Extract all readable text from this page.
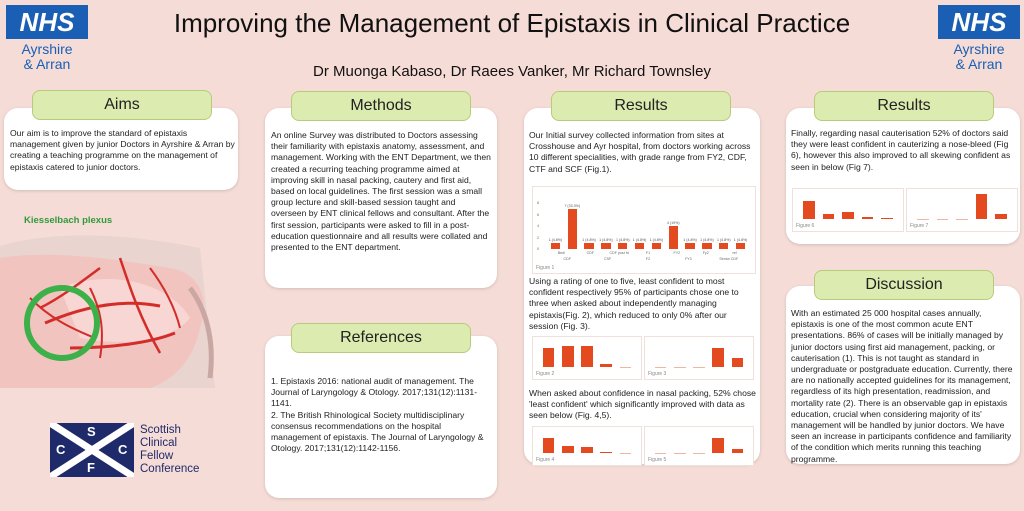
Improving the Management of Epistaxis in Clinical Practice
Dr Muonga Kabaso, Dr Raees Vanker, Mr Richard Townsley
NHS
Ayrshire
& Arran
NHS
Ayrshire
& Arran
Our aim is to improve the standard of epistaxis management given by junior Doctors in Ayrshire & Arran by creating a teaching programme on the management of epistaxis catered to junior doctors.
Aims
Kiesselbach plexus
S
C	C
F
Scottish
Clinical
Fellow
Conference
An online Survey was distributed to Doctors assessing their familiarity with epistaxis anatomy, assessment, and management. Working with the ENT Department, we then created a recurring teaching programme aimed at improving skill in nasal packing, cautery and first aid, based on local guidelines. The first session was a small group lecture and skill-based session taught and overseen by ENT clinical fellows and consultant. After the first session, participants were asked to fill in a post-education questionnaire and all results were collated and presented to the ENT department.
Methods
1. Epistaxis 2016: national audit of management. The Journal of Laryngology & Otology. 2017;131(12):1131-1141.
2. The British Rhinological Society multidisciplinary consensus recommendations on the hospital management of epistaxis. The Journal of Laryngology & Otology. 2017;131(12):1142-1156.
References
Our Initial survey collected information from sites at Crosshouse and Ayr hospital, from doctors working across 10 different specialities, with grade range from FY2, CDF, CTF and SCF (Fig.1).
8
6
4
2
0
1 (4.8%)
7 (33.3%)
1 (4.8%) 1 (4.8%) 1 (4.8%) 1 (4.8%) 1 (4.8%)
4 (19%)
1 (4.8%) 1 (4.8%) 1 (4.8%) 1 (4.8%)
Bed/	CDF	CDF post fd	F1	FY2	Fy2	ref
CDF	CSF	F2	FY3	Senior CDF
Figure 1
Using a rating of one to five, least confident to most confident respectively 95% of participants chose one to three when asked about independently managing epistaxis(Fig. 2), which reduced to only 0% after our session (Fig. 3).
Figure 2	Figure 3
When asked about confidence in nasal packing, 52% chose 'least confident' which significantly improved with data as seen below (Fig. 4,5).
Figure 4	Figure 5
Results
Finally, regarding nasal cauterisation 52% of doctors said they were least confident in cauterizing a nose-bleed (Fig 6), however this also improved to all skewing confident as seen in below (Fig 7).
Figure 6	Figure 7
Results
With an estimated 25 000 hospital cases annually, epistaxis is one of the most common acute ENT presentations. 86% of cases will be initially managed by junior doctors using first aid management, packing, or cauterisation (1). This is not taught as standard in undergraduate or postgraduate education. Currently, there are no nationally accepted guidelines for its management, regardless of its high presentation, readmission, and mortality rate (2). There is an observable gap in epistaxis education, crucial when considering majority of its' management will be handled by junior doctors. We have seen an increase in participants confidence and familiarity of the condition which merits running this teaching programme.
Discussion
